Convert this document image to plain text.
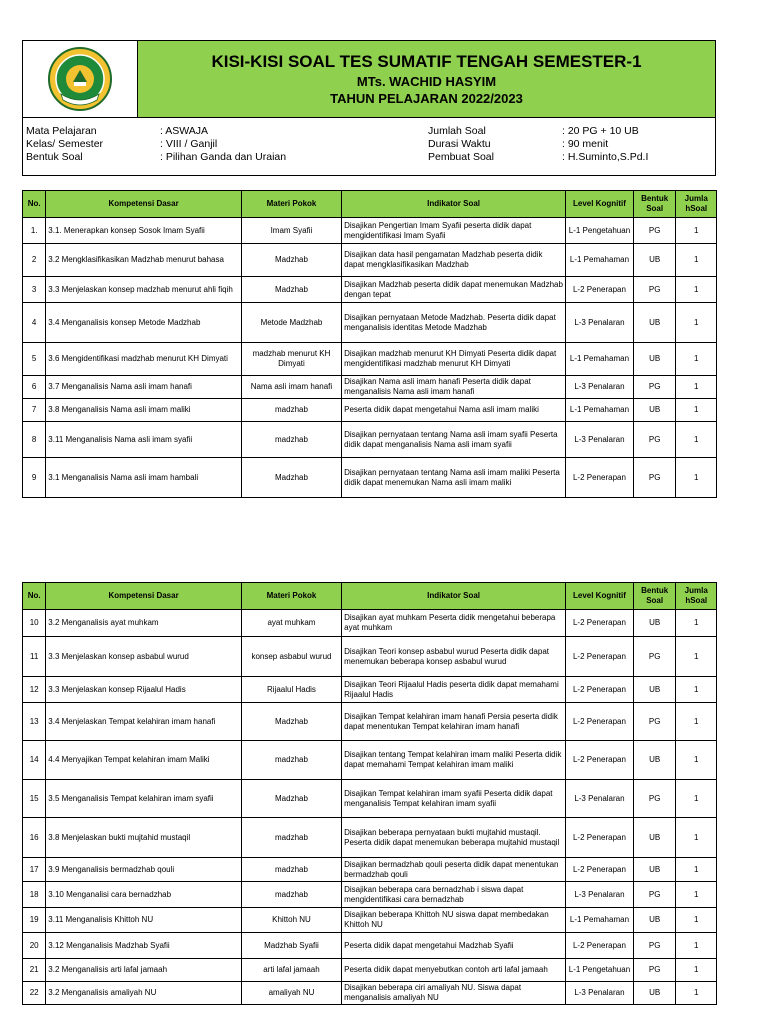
KISI-KISI SOAL TES SUMATIF TENGAH SEMESTER-1
MTs. WACHID HASYIM
TAHUN PELAJARAN 2022/2023
Mata Pelajaran	: ASWAJA	Jumlah Soal	: 20 PG + 10 UB
Kelas/ Semester	: VIII / Ganjil	Durasi Waktu	: 90 menit
Bentuk Soal	: Pilihan Ganda dan Uraian	Pembuat Soal	: H.Suminto,S.Pd.I
No.	Kompetensi Dasar	Materi Pokok	Indikator Soal	Level Kognitif	Bentuk Soal	Jumla hSoal
1.	3.1. Menerapkan konsep Sosok Imam Syafii	Imam Syafii	Disajikan Pengertian Imam Syafii peserta didik dapat mengidentifikasi Imam Syafii	L-1 Pengetahuan	PG	1
2	3.2 Mengklasifikasikan Madzhab menurut bahasa	Madzhab	Disajikan data hasil pengamatan Madzhab peserta didik dapat mengklasifikasikan Madzhab	L-1 Pemahaman	UB	1
3	3.3 Menjelaskan konsep madzhab menurut ahli fiqih	Madzhab	Disajikan Madzhab peserta didik dapat menemukan Madzhab dengan tepat	L-2 Penerapan	PG	1
4	3.4 Menganalisis konsep Metode Madzhab	Metode Madzhab	Disajikan pernyataan Metode Madzhab. Peserta didik dapat menganalisis identitas Metode Madzhab	L-3 Penalaran	UB	1
5	3.6 Mengidentifikasi madzhab menurut KH Dimyati	madzhab menurut KH Dimyati	Disajikan madzhab menurut KH Dimyati Peserta didik dapat mengidentifikasi madzhab menurut KH Dimyati	L-1 Pemahaman	UB	1
6	3.7 Menganalisis Nama asli imam hanafi	Nama asli imam hanafi	Disajikan Nama asli imam hanafi Peserta didik dapat menganalisis Nama asli imam hanafi	L-3 Penalaran	PG	1
7	3.8 Menganalisis Nama asli imam maliki	madzhab	Peserta didik dapat mengetahui Nama asli imam maliki	L-1 Pemahaman	UB	1
8	3.11 Menganalisis Nama asli imam syafii	madzhab	Disajikan pernyataan tentang Nama asli imam syafii Peserta didik dapat menganalisis Nama asli imam syafii	L-3 Penalaran	PG	1
9	3.1 Menganalisis Nama asli imam hambali	Madzhab	Disajikan pernyataan tentang Nama asli imam maliki Peserta didik dapat menemukan Nama asli imam maliki	L-2 Penerapan	PG	1
No.	Kompetensi Dasar	Materi Pokok	Indikator Soal	Level Kognitif	Bentuk Soal	Jumla hSoal
10	3.2 Menganalisis ayat muhkam	ayat muhkam	Disajikan ayat muhkam Peserta didik mengetahui beberapa ayat muhkam	L-2 Penerapan	UB	1
11	3.3 Menjelaskan konsep asbabul wurud	konsep asbabul wurud	Disajikan Teori konsep asbabul wurud Peserta didik dapat menemukan beberapa konsep asbabul wurud	L-2 Penerapan	PG	1
12	3.3 Menjelaskan konsep Rijaalul Hadis	Rijaalul Hadis	Disajikan Teori Rijaalul Hadis peserta didik dapat memahami Rijaalul Hadis	L-2 Penerapan	UB	1
13	3.4 Menjelaskan Tempat kelahiran imam hanafi	Madzhab	Disajikan Tempat kelahiran imam hanafi Persia peserta didik dapat menentukan Tempat kelahiran imam hanafi	L-2 Penerapan	PG	1
14	4.4 Menyajikan Tempat kelahiran imam Maliki	madzhab	Disajikan tentang Tempat kelahiran imam maliki Peserta didik dapat memahami Tempat kelahiran imam maliki	L-2 Penerapan	UB	1
15	3.5 Menganalisis Tempat kelahiran imam syafii	Madzhab	Disajikan Tempat kelahiran imam syafii Peserta didik dapat menganalisis Tempat kelahiran imam syafii	L-3 Penalaran	PG	1
16	3.8 Menjelaskan bukti mujtahid mustaqil	madzhab	Disajikan beberapa pernyataan bukti mujtahid mustaqil. Peserta didik dapat menemukan beberapa mujtahid mustaqil	L-2 Penerapan	UB	1
17	3.9 Menganalisis bermadzhab qouli	madzhab	Disajikan bermadzhab qouli peserta didik dapat menentukan bermadzhab qouli	L-2 Penerapan	UB	1
18	3.10 Menganalisi cara bernadzhab	madzhab	Disajikan beberapa cara bernadzhab i siswa dapat mengidentifikasi cara bernadzhab	L-3 Penalaran	PG	1
19	3.11 Menganalisis Khittoh NU	Khittoh NU	Disajikan beberapa Khittoh NU siswa dapat membedakan Khittoh NU	L-1 Pemahaman	UB	1
20	3.12 Menganalisis Madzhab Syafii	Madzhab Syafii	Peserta didik dapat mengetahui Madzhab Syafii	L-2 Penerapan	PG	1
21	3.2 Menganalisis arti lafal jamaah	arti lafal jamaah	Peserta didik dapat menyebutkan contoh arti lafal jamaah	L-1 Pengetahuan	PG	1
22	3.2 Menganalisis amaliyah NU	amaliyah NU	Disajikan beberapa ciri amaliyah NU. Siswa dapat menganalisis amaliyah NU	L-3 Penalaran	UB	1
